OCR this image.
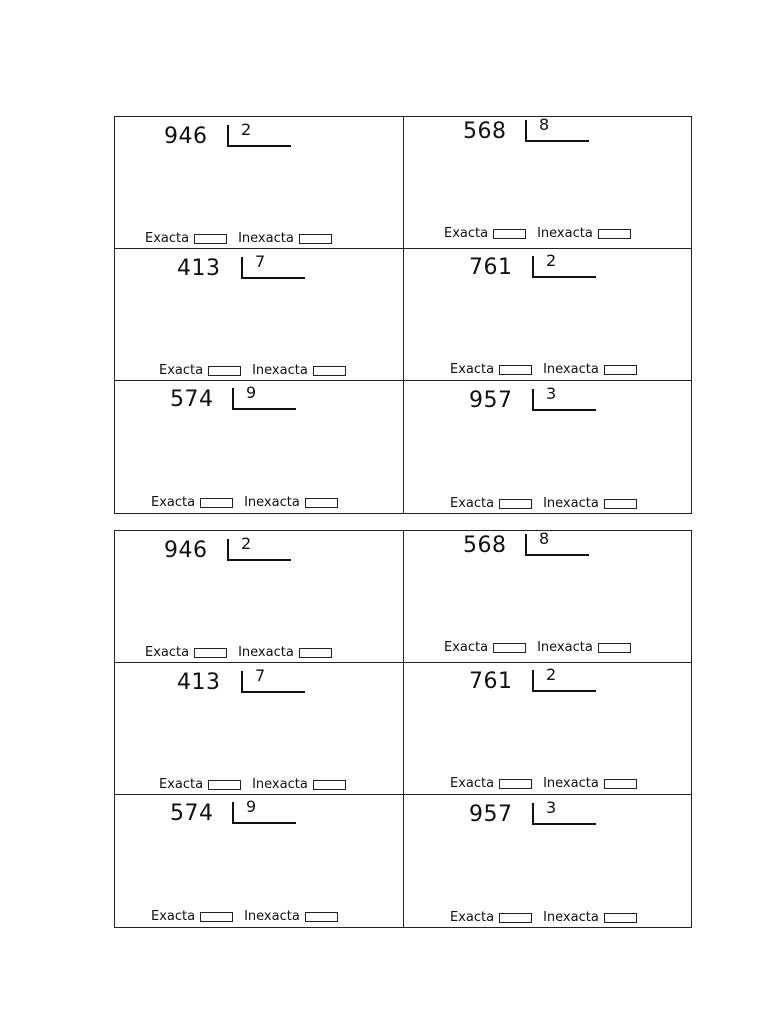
946 2
Exacta	Inexacta
568 8
Exacta	Inexacta
413 7
Exacta	Inexacta
761 2
Exacta	Inexacta
574 9
Exacta	Inexacta
957 3
Exacta	Inexacta
946 2
Exacta	Inexacta
568 8
Exacta	Inexacta
413 7
Exacta	Inexacta
761 2
Exacta	Inexacta
574 9
Exacta	Inexacta
957 3
Exacta	Inexacta
